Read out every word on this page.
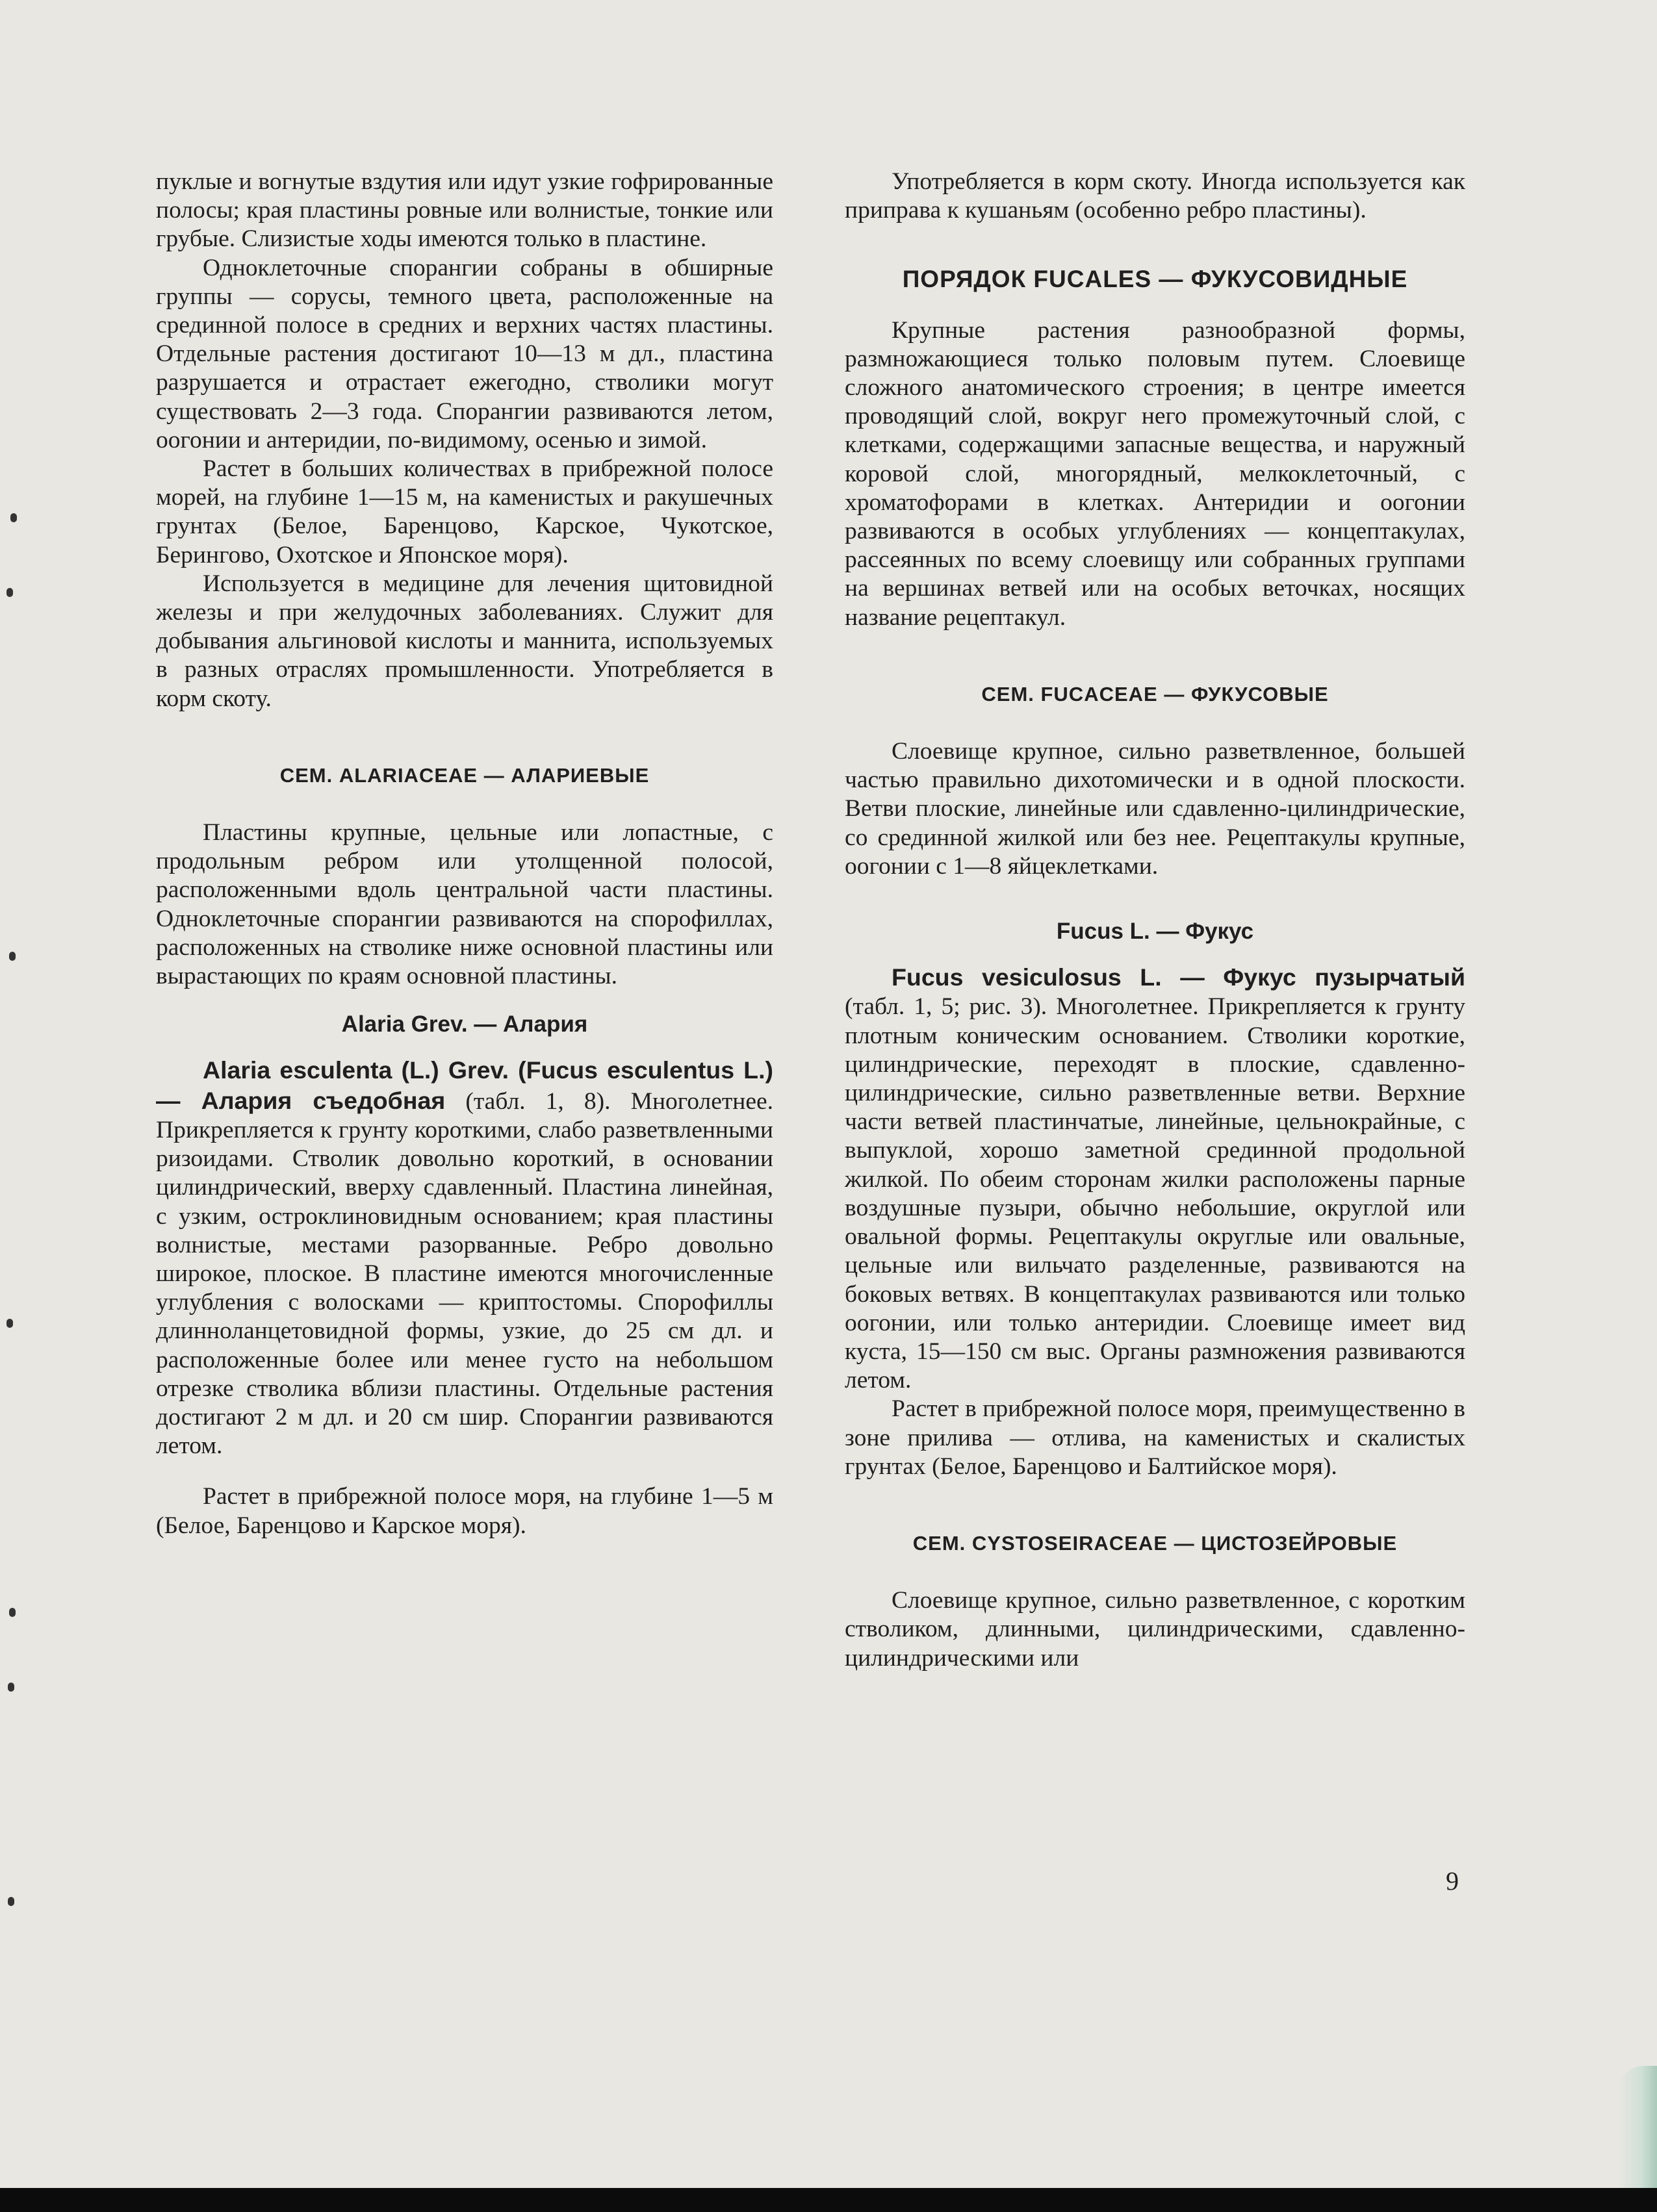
пуклые и вогнутые вздутия или идут узкие гофрированные полосы; края пластины ровные или волнистые, тонкие или грубые. Слизистые ходы имеются только в пластине.

Одноклеточные спорангии собраны в обширные группы — сорусы, темного цвета, расположенные на срединной полосе в средних и верхних частях пластины. Отдельные растения достигают 10—13 м дл., пластина разрушается и отрастает ежегодно, стволики могут существовать 2—3 года. Спорангии развиваются летом, оогонии и антеридии, по-видимому, осенью и зимой.

Растет в больших количествах в прибрежной полосе морей, на глубине 1—15 м, на каменистых и ракушечных грунтах (Белое, Баренцово, Карское, Чукотское, Берингово, Охотское и Японское моря).

Используется в медицине для лечения щитовидной железы и при желудочных заболеваниях. Служит для добывания альгиновой кислоты и маннита, используемых в разных отраслях промышленности. Употребляется в корм скоту.

СЕМ. ALARIACEAE — АЛАРИЕВЫЕ

Пластины крупные, цельные или лопастные, с продольным ребром или утолщенной полосой, расположенными вдоль центральной части пластины. Одноклеточные спорангии развиваются на спорофиллах, расположенных на стволике ниже основной пластины или вырастающих по краям основной пластины.

Alaria Grev. — Алария

Alaria esculenta (L.) Grev. (Fucus esculentus L.) — Алария съедобная (табл. 1, 8). Многолетнее. Прикрепляется к грунту короткими, слабо разветвленными ризоидами. Стволик довольно короткий, в основании цилиндрический, вверху сдавленный. Пластина линейная, с узким, остроклиновидным основанием; края пластины волнистые, местами разорванные. Ребро довольно широкое, плоское. В пластине имеются многочисленные углубления с волосками — криптостомы. Спорофиллы длинноланцетовидной формы, узкие, до 25 см дл. и расположенные более или менее густо на небольшом отрезке стволика вблизи пластины. Отдельные растения достигают 2 м дл. и 20 см шир. Спорангии развиваются летом.

Растет в прибрежной полосе моря, на глубине 1—5 м (Белое, Баренцово и Карское моря).

Употребляется в корм скоту. Иногда используется как приправа к кушаньям (особенно ребро пластины).

ПОРЯДОК FUCALES — ФУКУСОВИДНЫЕ

Крупные растения разнообразной формы, размножающиеся только половым путем. Слоевище сложного анатомического строения; в центре имеется проводящий слой, вокруг него промежуточный слой, с клетками, содержащими запасные вещества, и наружный коровой слой, многорядный, мелкоклеточный, с хроматофорами в клетках. Антеридии и оогонии развиваются в особых углублениях — концептакулах, рассеянных по всему слоевищу или собранных группами на вершинах ветвей или на особых веточках, носящих название рецептакул.

СЕМ. FUCACEAE — ФУКУСОВЫЕ

Слоевище крупное, сильно разветвленное, большей частью правильно дихотомически и в одной плоскости. Ветви плоские, линейные или сдавленно-цилиндрические, со срединной жилкой или без нее. Рецептакулы крупные, оогонии с 1—8 яйцеклетками.

Fucus L. — Фукус

Fucus vesiculosus L. — Фукус пузырчатый (табл. 1, 5; рис. 3). Многолетнее. Прикрепляется к грунту плотным коническим основанием. Стволики короткие, цилиндрические, переходят в плоские, сдавленно-цилиндрические, сильно разветвленные ветви. Верхние части ветвей пластинчатые, линейные, цельнокрайные, с выпуклой, хорошо заметной срединной продольной жилкой. По обеим сторонам жилки расположены парные воздушные пузыри, обычно небольшие, округлой или овальной формы. Рецептакулы округлые или овальные, цельные или вильчато разделенные, развиваются на боковых ветвях. В концептакулах развиваются или только оогонии, или только антеридии. Слоевище имеет вид куста, 15—150 см выс. Органы размножения развиваются летом.

Растет в прибрежной полосе моря, преимущественно в зоне прилива — отлива, на каменистых и скалистых грунтах (Белое, Баренцово и Балтийское моря).

СЕМ. CYSTOSEIRACEAE — ЦИСТОЗЕЙРОВЫЕ

Слоевище крупное, сильно разветвленное, с коротким стволиком, длинными, цилиндрическими, сдавленно-цилиндрическими или

9
